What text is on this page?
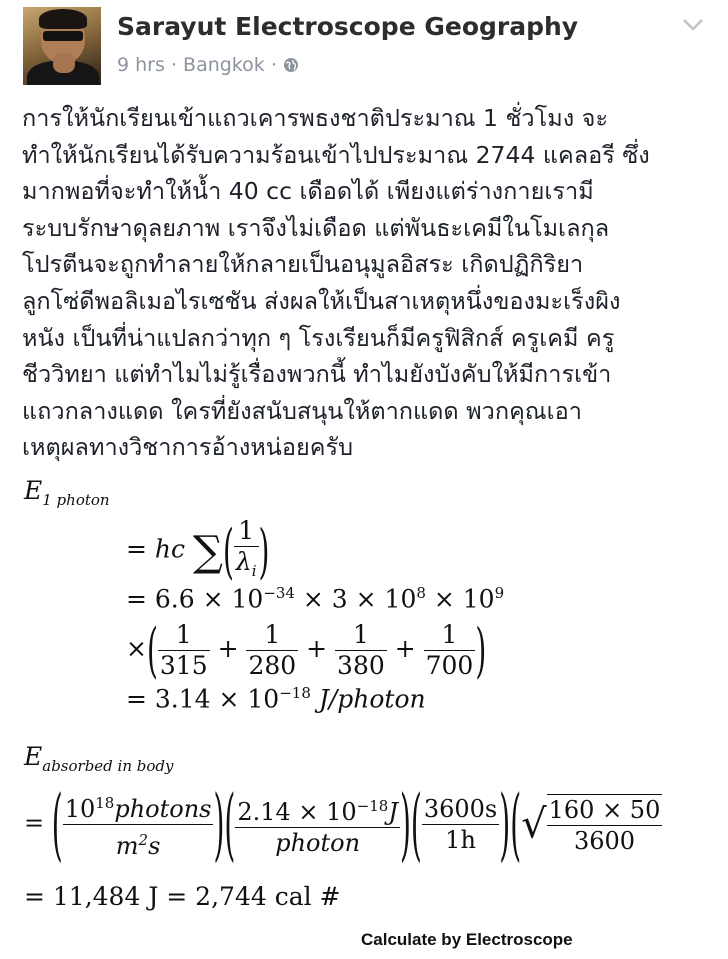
Sarayut Electroscope Geography
9 hrs · Bangkok ·
การให้นักเรียนเข้าแถวเคารพธงชาติประมาณ 1 ชั่วโมง จะ
ทำให้นักเรียนได้รับความร้อนเข้าไปประมาณ 2744 แคลอรี ซึ่ง
มากพอที่จะทำให้น้ำ 40 cc เดือดได้ เพียงแต่ร่างกายเรามี
ระบบรักษาดุลยภาพ เราจึงไม่เดือด แต่พันธะเคมีในโมเลกุล
โปรตีนจะถูกทำลายให้กลายเป็นอนุมูลอิสระ เกิดปฏิกิริยา
ลูกโซ่ดีพอลิเมอไรเซชัน ส่งผลให้เป็นสาเหตุหนึ่งของมะเร็งผิง
หนัง เป็นที่น่าแปลกว่าทุก ๆ โรงเรียนก็มีครูฟิสิกส์ ครูเคมี ครู
ชีววิทยา แต่ทำไมไม่รู้เรื่องพวกนี้ ทำไมยังบังคับให้มีการเข้า
แถวกลางแดด ใครที่ยังสนับสนุนให้ตากแดด พวกคุณเอา
เหตุผลทางวิชาการอ้างหน่อยครับ
$E_{1 photon}$
= hc ∑( $\frac{1}{\lambda_i}$ )
= $6.6 \times 10^{-34} \times 3 \times 10^8 \times 10^9$
×( $\frac{1}{315} + \frac{1}{280} + \frac{1}{380} + \frac{1}{700}$ )
= $3.14 \times 10^{-18}$ J/photon
$E_{absorbed in body}$
= ( $\frac{10^{18}photons}{m^2s}$ )( $\frac{2.14 \times 10^{-18}J}{\text{photon}}$ )( $\frac{3600s}{1h}$ )(√ $\frac{160 \times 50}{3600}$
= 11,484 J = 2,744 cal #
Calculate by Electroscope
